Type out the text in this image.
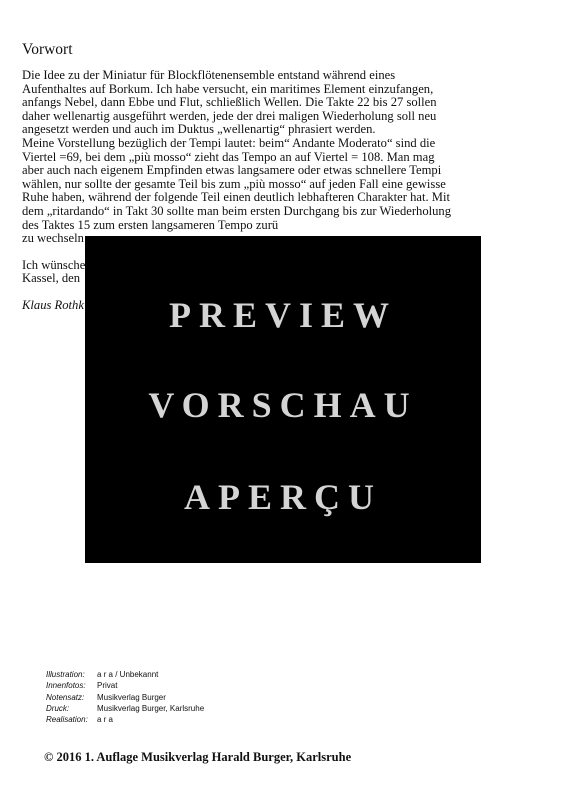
Vorwort

Die Idee zu der Miniatur für Blockflötenensemble entstand während eines Aufenthaltes auf Borkum. Ich habe versucht, ein maritimes Element einzufangen, anfangs Nebel, dann Ebbe und Flut, schließlich Wellen. Die Takte 22 bis 27 sollen daher wellenartig ausgeführt werden, jede der drei maligen Wiederholung soll neu angesetzt werden und auch im Duktus „wellenartig“ phrasiert werden.

Meine Vorstellung bezüglich der Tempi lautet: beim“ Andante Moderato“ sind die Viertel =69, bei dem „più mosso“ zieht das Tempo an auf Viertel = 108. Man mag aber auch nach eigenem Empfinden etwas langsamere oder etwas schnellere Tempi wählen, nur sollte der gesamte Teil bis zum „più mosso“ auf jeden Fall eine gewisse Ruhe haben, während der folgende Teil einen deutlich lebhafteren Charakter hat. Mit dem „ritardando“ in Takt 30 sollte man beim ersten Durchgang bis zur Wiederholung des Taktes 15 zum ersten langsameren Tempo zurü

zu wechseln

Ich wünsche

Kassel, den

Klaus Rothk	PREVIEW
VORSCHAU
APERÇU
Illustration:	a r a / Unbekannt
Innenfotos:	Privat
Notensatz:	Musikverlag Burger
Druck:	Musikverlag Burger, Karlsruhe
Realisation:	a r a
© 2016 1. Auflage Musikverlag Harald Burger, Karlsruhe
